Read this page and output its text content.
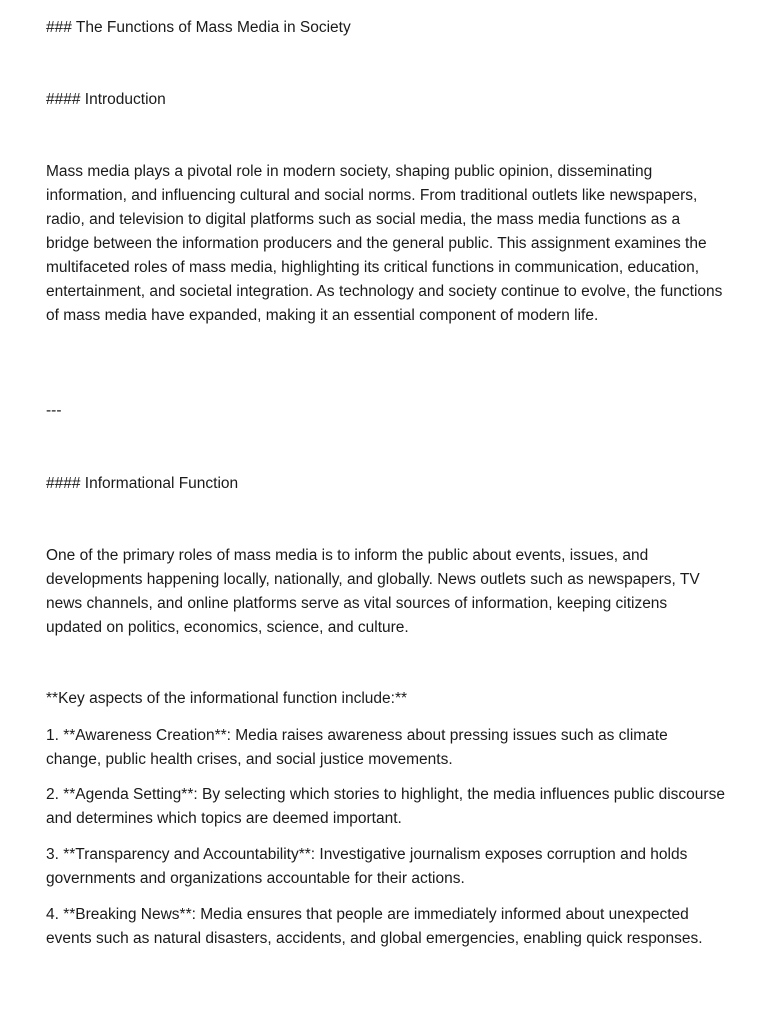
### The Functions of Mass Media in Society

#### Introduction

Mass media plays a pivotal role in modern society, shaping public opinion, disseminating information, and influencing cultural and social norms. From traditional outlets like newspapers, radio, and television to digital platforms such as social media, the mass media functions as a bridge between the information producers and the general public. This assignment examines the multifaceted roles of mass media, highlighting its critical functions in communication, education, entertainment, and societal integration. As technology and society continue to evolve, the functions of mass media have expanded, making it an essential component of modern life.

---

#### Informational Function

One of the primary roles of mass media is to inform the public about events, issues, and developments happening locally, nationally, and globally. News outlets such as newspapers, TV news channels, and online platforms serve as vital sources of information, keeping citizens updated on politics, economics, science, and culture.

**Key aspects of the informational function include:**

1. **Awareness Creation**: Media raises awareness about pressing issues such as climate change, public health crises, and social justice movements.

2. **Agenda Setting**: By selecting which stories to highlight, the media influences public discourse and determines which topics are deemed important.

3. **Transparency and Accountability**: Investigative journalism exposes corruption and holds governments and organizations accountable for their actions.

4. **Breaking News**: Media ensures that people are immediately informed about unexpected events such as natural disasters, accidents, and global emergencies, enabling quick responses.
